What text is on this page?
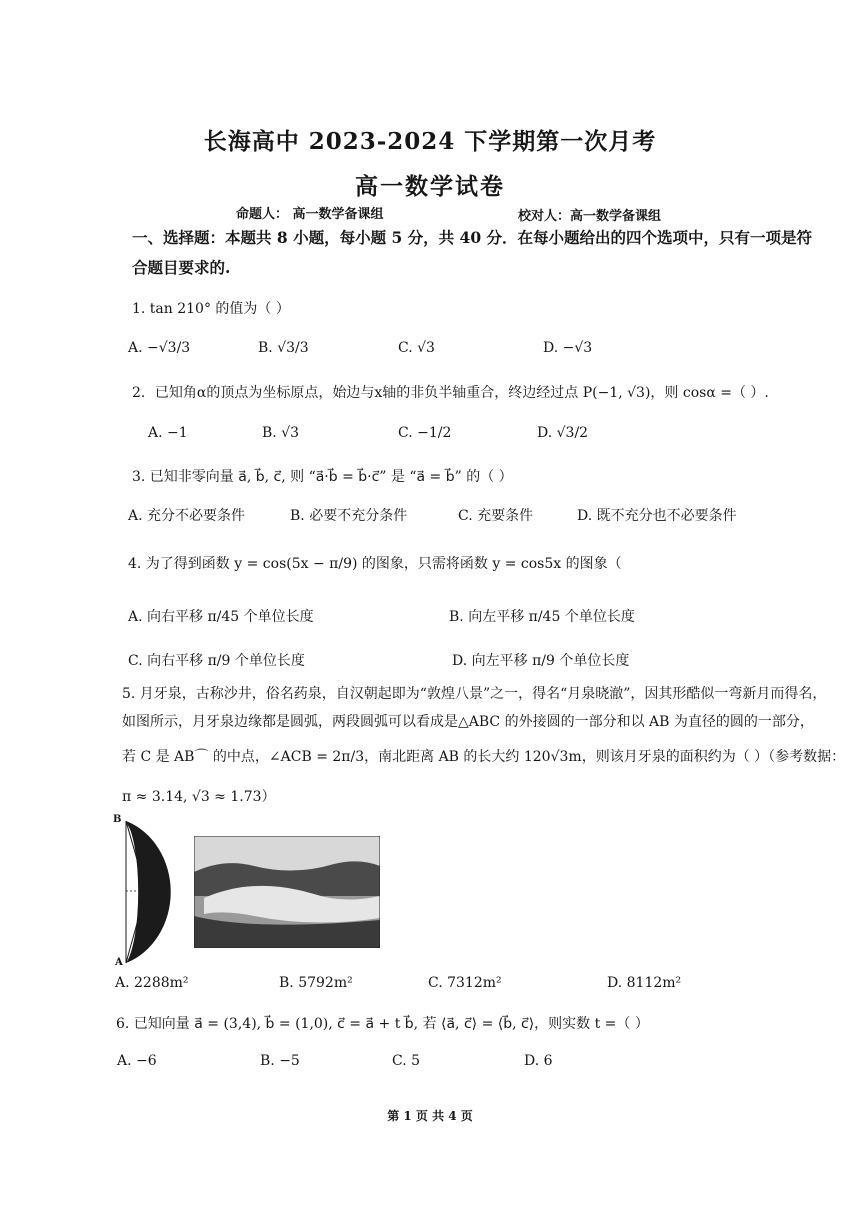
长海高中 2023-2024 下学期第一次月考
高一数学试卷
命题人： 高一数学备课组	校对人：高一数学备课组
一、选择题：本题共 8 小题，每小题 5 分，共 40 分．在每小题给出的四个选项中，只有一项是符
合题目要求的.
1. tan 210° 的值为（ ）
A. −√3/3	B. √3/3	C. √3	D. −√3
2．已知角α的顶点为坐标原点，始边与x轴的非负半轴重合，终边经过点 P(−1, √3)，则 cosα =（ ）.
A. −1	B. √3	C. −1/2	D. √3/2
3. 已知非零向量 a⃗, b⃗, c⃗, 则 “a⃗·b⃗ = b⃗·c⃗” 是 “a⃗ = b⃗” 的（ ）
A. 充分不必要条件	B. 必要不充分条件	C. 充要条件	D. 既不充分也不必要条件
4. 为了得到函数 y = cos(5x − π/9) 的图象，只需将函数 y = cos5x 的图象（
A. 向右平移 π/45 个单位长度	B. 向左平移 π/45 个单位长度
C. 向右平移 π/9 个单位长度	D. 向左平移 π/9 个单位长度
5. 月牙泉，古称沙井，俗名药泉，自汉朝起即为“敦煌八景”之一，得名“月泉晓澈”，因其形酷似一弯新月而得名，
如图所示，月牙泉边缘都是圆弧，两段圆弧可以看成是△ABC 的外接圆的一部分和以 AB 为直径的圆的一部分，
若 C 是 AB⌒ 的中点，∠ACB = 2π/3，南北距离 AB 的长大约 120√3m，则该月牙泉的面积约为（ ）（参考数据：
π ≈ 3.14, √3 ≈ 1.73）
B
A
A. 2288m²	B. 5792m²	C. 7312m²	D. 8112m²
6. 已知向量 a⃗ = (3,4), b⃗ = (1,0), c⃗ = a⃗ + t b⃗, 若 ⟨a⃗, c⃗⟩ = ⟨b⃗, c⃗⟩，则实数 t =（ ）
A. −6	B. −5	C. 5	D. 6
第 1 页 共 4 页
